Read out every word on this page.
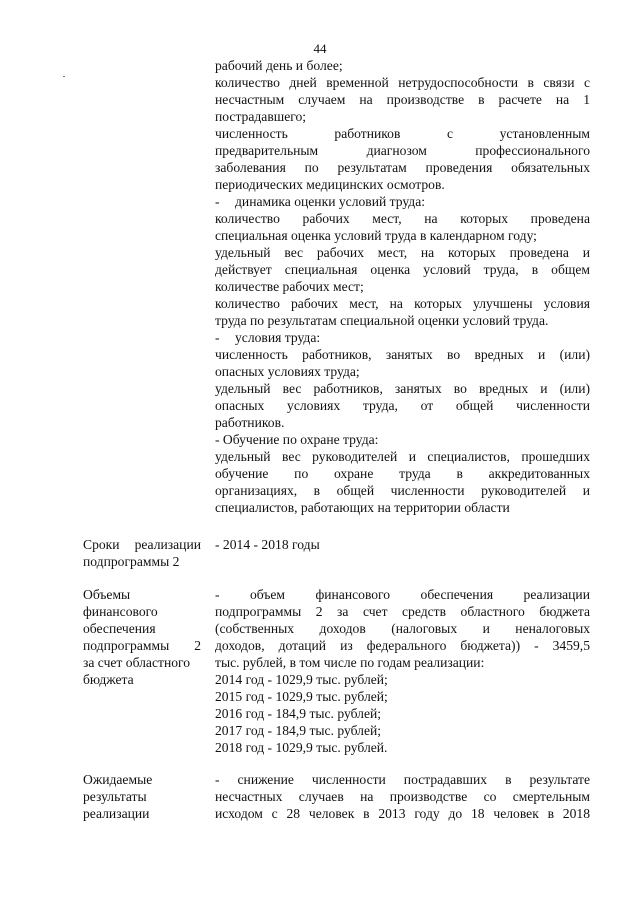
44

рабочий день и более;

количество дней временной нетрудоспособности в связи с

несчастным случаем на производстве в расчете на 1

пострадавшего;

численность работников с установленным

предварительным диагнозом профессионального

заболевания по результатам проведения обязательных

периодических медицинских осмотров.

- динамика оценки условий труда:

количество рабочих мест, на которых проведена

специальная оценка условий труда в календарном году;

удельный вес рабочих мест, на которых проведена и

действует специальная оценка условий труда, в общем

количестве рабочих мест;

количество рабочих мест, на которых улучшены условия

труда по результатам специальной оценки условий труда.

- условия труда:

численность работников, занятых во вредных и (или)

опасных условиях труда;

удельный вес работников, занятых во вредных и (или)

опасных условиях труда, от общей численности

работников.

- Обучение по охране труда:

удельный вес руководителей и специалистов, прошедших

обучение по охране труда в аккредитованных

организациях, в общей численности руководителей и

специалистов, работающих на территории области

Сроки реализации

подпрограммы 2

- 2014 - 2018 годы

Объемы

финансового

обеспечения

подпрограммы 2

за счет областного

бюджета

- объем финансового обеспечения реализации

подпрограммы 2 за счет средств областного бюджета

(собственных доходов (налоговых и неналоговых

доходов, дотаций из федерального бюджета)) - 3459,5

тыс. рублей, в том числе по годам реализации:

2014 год - 1029,9 тыс. рублей;

2015 год - 1029,9 тыс. рублей;

2016 год - 184,9 тыс. рублей;

2017 год - 184,9 тыс. рублей;

2018 год - 1029,9 тыс. рублей.

Ожидаемые

результаты

реализации

- снижение численности пострадавших в результате

несчастных случаев на производстве со смертельным

исходом с 28 человек в 2013 году до 18 человек в 2018
